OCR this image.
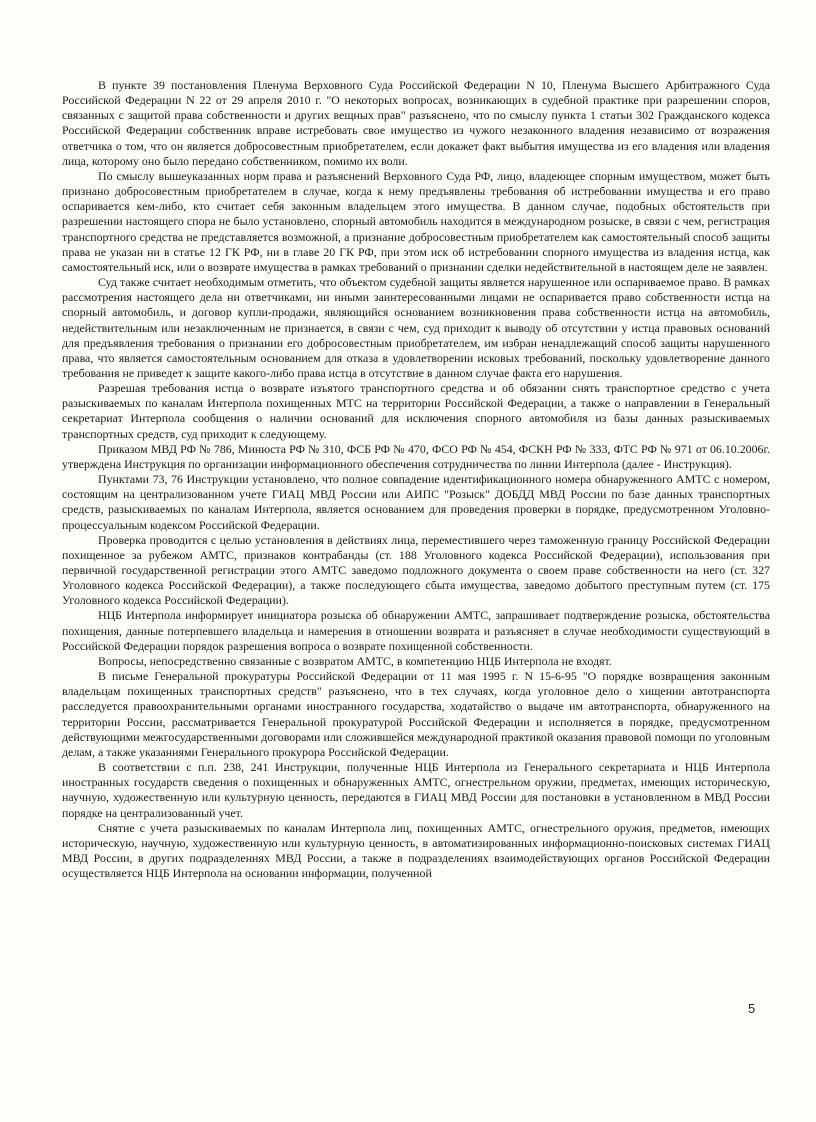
В пункте 39 постановления Пленума Верховного Суда Российской Федерации N 10, Пленума Высшего Арбитражного Суда Российской Федерации N 22 от 29 апреля 2010 г. "О некоторых вопросах, возникающих в судебной практике при разрешении споров, связанных с защитой права собственности и других вещных прав" разъяснено, что по смыслу пункта 1 статьи 302 Гражданского кодекса Российской Федерации собственник вправе истребовать свое имущество из чужого незаконного владения независимо от возражения ответчика о том, что он является добросовестным приобретателем, если докажет факт выбытия имущества из его владения или владения лица, которому оно было передано собственником, помимо их воли.

По смыслу вышеуказанных норм права и разъяснений Верховного Суда РФ, лицо, владеющее спорным имуществом, может быть признано добросовестным приобретателем в случае, когда к нему предъявлены требования об истребовании имущества и его право оспаривается кем-либо, кто считает себя законным владельцем этого имущества. В данном случае, подобных обстоятельств при разрешении настоящего спора не было установлено, спорный автомобиль находится в международном розыске, в связи с чем, регистрация транспортного средства не представляется возможной, а признание добросовестным приобретателем как самостоятельный способ защиты права не указан ни в статье 12 ГК РФ, ни в главе 20 ГК РФ, при этом иск об истребовании спорного имущества из владения истца, как самостоятельный иск, или о возврате имущества в рамках требований о признании сделки недействительной в настоящем деле не заявлен.

Суд также считает необходимым отметить, что объектом судебной защиты является нарушенное или оспариваемое право. В рамках рассмотрения настоящего дела ни ответчиками, ни иными заинтересованными лицами не оспаривается право собственности истца на спорный автомобиль, и договор купли-продажи, являющийся основанием возникновения права собственности истца на автомобиль, недействительным или незаключенным не признается, в связи с чем, суд приходит к выводу об отсутствии у истца правовых оснований для предъявления требования о признании его добросовестным приобретателем, им избран ненадлежащий способ защиты нарушенного права, что является самостоятельным основанием для отказа в удовлетворении исковых требований, поскольку удовлетворение данного требования не приведет к защите какого-либо права истца в отсутствие в данном случае факта его нарушения.

Разрешая требования истца о возврате изъятого транспортного средства и об обязании снять транспортное средство с учета разыскиваемых по каналам Интерпола похищенных МТС на территории Российской Федерации, а также о направлении в Генеральный секретариат Интерпола сообщения о наличии оснований для исключения спорного автомобиля из базы данных разыскиваемых транспортных средств, суд приходит к следующему.

Приказом МВД РФ № 786, Минюста РФ № 310, ФСБ РФ № 470, ФСО РФ № 454, ФСКН РФ № 333, ФТС РФ № 971 от 06.10.2006г. утверждена Инструкция по организации информационного обеспечения сотрудничества по линии Интерпола (далее - Инструкция).

Пунктами 73, 76 Инструкции установлено, что полное совпадение идентификационного номера обнаруженного АМТС с номером, состоящим на централизованном учете ГИАЦ МВД России или АИПС "Розыск" ДОБДД МВД России по базе данных транспортных средств, разыскиваемых по каналам Интерпола, является основанием для проведения проверки в порядке, предусмотренном Уголовно-процессуальным кодексом Российской Федерации.

Проверка проводится с целью установления в действиях лица, переместившего через таможенную границу Российской Федерации похищенное за рубежом АМТС, признаков контрабанды (ст. 188 Уголовного кодекса Российской Федерации), использования при первичной государственной регистрации этого АМТС заведомо подложного документа о своем праве собственности на него (ст. 327 Уголовного кодекса Российской Федерации), а также последующего сбыта имущества, заведомо добытого преступным путем (ст. 175 Уголовного кодекса Российской Федерации).

НЦБ Интерпола информирует инициатора розыска об обнаружении АМТС, запрашивает подтверждение розыска, обстоятельства похищения, данные потерпевшего владельца и намерения в отношении возврата и разъясняет в случае необходимости существующий в Российской Федерации порядок разрешения вопроса о возврате похищенной собственности.

Вопросы, непосредственно связанные с возвратом АМТС, в компетенцию НЦБ Интерпола не входят.

В письме Генеральной прокуратуры Российской Федерации от 11 мая 1995 г. N 15-6-95 "О порядке возвращения законным владельцам похищенных транспортных средств" разъяснено, что в тех случаях, когда уголовное дело о хищении автотранспорта расследуется правоохранительными органами иностранного государства, ходатайство о выдаче им автотранспорта, обнаруженного на территории России, рассматривается Генеральной прокуратурой Российской Федерации и исполняется в порядке, предусмотренном действующими межгосударственными договорами или сложившейся международной практикой оказания правовой помощи по уголовным делам, а также указаниями Генерального прокурора Российской Федерации.

В соответствии с п.п. 238, 241 Инструкции, полученные НЦБ Интерпола из Генерального секретариата и НЦБ Интерпола иностранных государств сведения о похищенных и обнаруженных АМТС, огнестрельном оружии, предметах, имеющих историческую, научную, художественную или культурную ценность, передаются в ГИАЦ МВД России для постановки в установленном в МВД России порядке на централизованный учет.

Снятие с учета разыскиваемых по каналам Интерпола лиц, похищенных АМТС, огнестрельного оружия, предметов, имеющих историческую, научную, художественную или культурную ценность, в автоматизированных информационно-поисковых системах ГИАЦ МВД России, в других подразделениях МВД России, а также в подразделениях взаимодействующих органов Российской Федерации осуществляется НЦБ Интерпола на основании информации, полученной

5
